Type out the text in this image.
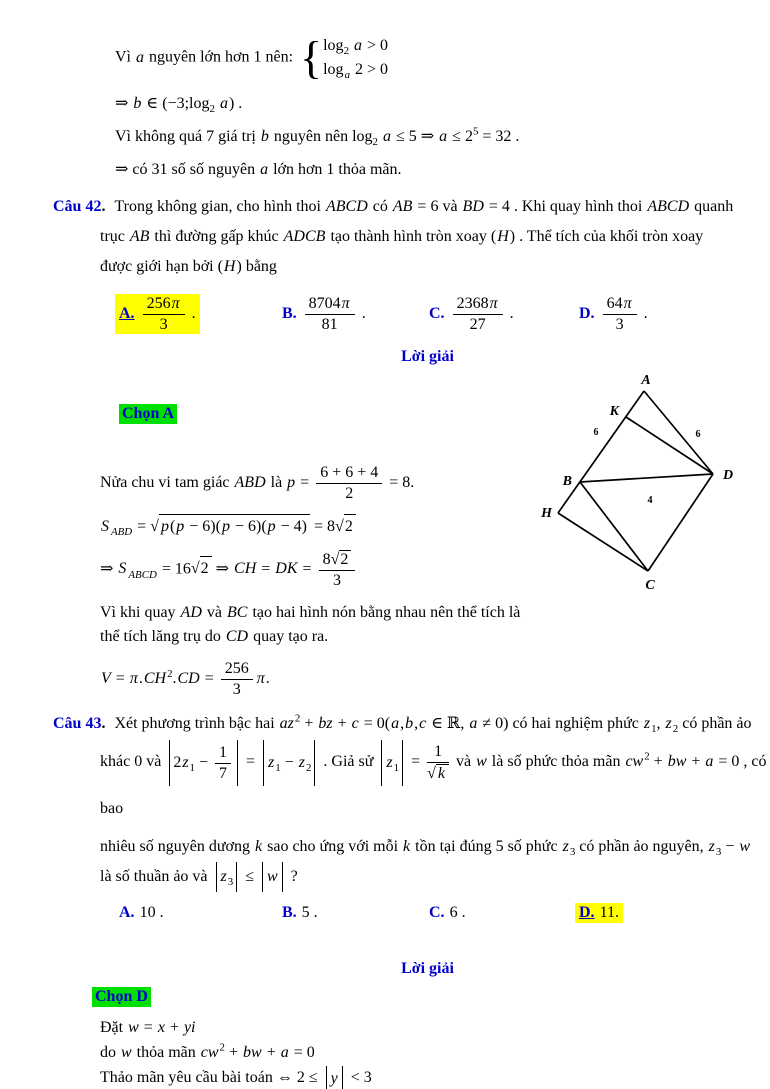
Vì a nguyên lớn hơn 1 nên: { $\log_2 a > 0$
$\log_a 2 > 0$
⇒ b ∈ ($-3;\log_2$ a) .
Vì không quá 7 giá trị b nguyên nên $\log_2 a \le 5$ ⇒ $a \le 2^5 = 32$ .
⇒ có 31 số số nguyên a lớn hơn 1 thỏa mãn.
Câu 42. Trong không gian, cho hình thoi ABCD có AB = 6 và BD = 4 . Khi quay hình thoi ABCD quanh
trục AB thì đường gấp khúc ADCB tạo thành hình tròn xoay (H) . Thể tích của khối tròn xoay
được giới hạn bởi (H) bằng
A. $\frac{256\pi}{3}$ .	B. $\frac{8704\pi}{81}$ .	C. $\frac{2368\pi}{27}$ .	D. $\frac{64\pi}{3}$ .
Lời giải
Chọn A
Nửa chu vi tam giác ABD là $p = \frac{6 + 6 + 4}{2} = 8$.
S $_{ABD}$ = √ p(p − 6)(p − 6)(p − 4) = 8√2
⇒ S $_{ABCD}$ = 16√2 ⇒ CH = DK = $\frac{8√2}{3}$
Vì khi quay AD và BC tạo hai hình nón bằng nhau nên thể tích là thể tích lăng trụ do CD quay tạo ra.
$V = \pi.CH^2.CD = \frac{256}{3} \pi$.
A
K
B	D
H
C
6	6
4
Câu 43. Xét phương trình bậc hai $az^2$ + bz + c = 0(a,b,c ∈ ℝ, a ≠ 0) có hai nghiệm phức $z_1$, $z_2$ có phần ảo
khác 0 và $2z_1 - \frac{1}{7} = z_1 - z_2$ . Giả sử $z_1 = \frac{1}{√ k}$ và w là số phức thỏa mãn $cw^2$ + bw + a = 0 , có bao
nhiêu số nguyên dương k sao cho ứng với mỗi k tồn tại đúng 5 số phức $z_3$ có phần ảo nguyên, $z_3 - w$
là số thuần ảo và $z_3 \le w$ ?
A. 10 .	B. 5 .	C. 6 .	D. 11.
Lời giải
Chọn D
Đặt w = x + yi
do w thỏa mãn $cw^2$ + bw + a = 0
Thảo mãn yêu cầu bài toán ⇔ 2 ≤ y < 3
